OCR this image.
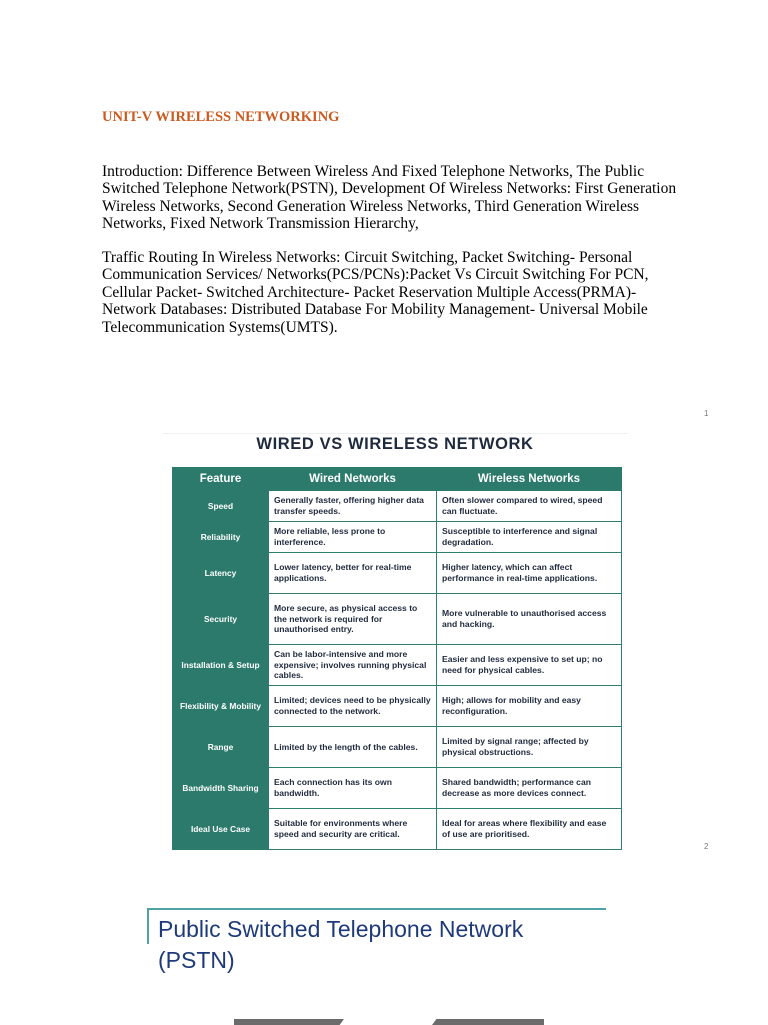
UNIT-V WIRELESS NETWORKING

Introduction: Difference Between Wireless And Fixed Telephone Networks, The Public Switched Telephone Network(PSTN), Development Of Wireless Networks: First Generation Wireless Networks, Second Generation Wireless Networks, Third Generation Wireless Networks, Fixed Network Transmission Hierarchy,

Traffic Routing In Wireless Networks: Circuit Switching, Packet Switching- Personal Communication Services/ Networks(PCS/PCNs):Packet Vs Circuit Switching For PCN, Cellular Packet- Switched Architecture- Packet Reservation Multiple Access(PRMA)- Network Databases: Distributed Database For Mobility Management- Universal Mobile Telecommunication Systems(UMTS).

1
WIRED VS WIRELESS NETWORK
Feature	Wired Networks	Wireless Networks
Speed	Generally faster, offering higher data transfer speeds.	Often slower compared to wired, speed can fluctuate.
Reliability	More reliable, less prone to interference.	Susceptible to interference and signal degradation.
Latency	Lower latency, better for real-time applications.	Higher latency, which can affect performance in real-time applications.
Security	More secure, as physical access to the network is required for unauthorised entry.	More vulnerable to unauthorised access and hacking.
Installation & Setup	Can be labor-intensive and more expensive; involves running physical cables.	Easier and less expensive to set up; no need for physical cables.
Flexibility & Mobility	Limited; devices need to be physically connected to the network.	High; allows for mobility and easy reconfiguration.
Range	Limited by the length of the cables.	Limited by signal range; affected by physical obstructions.
Bandwidth Sharing	Each connection has its own bandwidth.	Shared bandwidth; performance can decrease as more devices connect.
Ideal Use Case	Suitable for environments where speed and security are critical.	Ideal for areas where flexibility and ease of use are prioritised.
2
Public Switched Telephone Network (PSTN)
